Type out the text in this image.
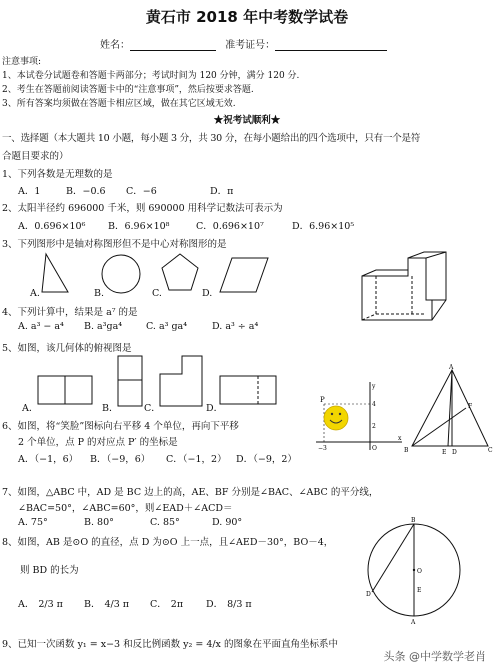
黄石市 2018 年中考数学试卷
姓名：	准考证号：
注意事项:
1、本试卷分试题卷和答题卡两部分；考试时间为 120 分钟，满分 120 分.
2、考生在答题前阅读答题卡中的“注意事项”，然后按要求答题.
3、所有答案均须做在答题卡相应区域，做在其它区域无效.
★祝考试顺利★
一、选择题（本大题共 10 小题，每小题 3 分，共 30 分，在每小题给出的四个选项中，只有一个是符
合题目要求的）
1、下列各数是无理数的是
A．1	B．−0.6 C．−6	D．π
2、太阳半径约 696000 千米，则 690000 用科学记数法可表示为
A．0.696×10⁶ B．6.96×10⁸	C．0.696×10⁷	D．6.96×10⁵
3、下列图形中是轴对称图形但不是中心对称图形的是
A.	B.	C.	D.
4、下列计算中，结果是 a⁷ 的是
A. a³ − a⁴ B. a³ga⁴	C. a³ ga⁴	D. a³ ÷ a⁴
5、如图，该几何体的俯视图是
A．	B．	C．	D．
6、如图，将“笑脸”图标向右平移 4 个单位，再向下平移
2 个单位，点 P 的对应点 P′ 的坐标是
A．（−1，6） B．（−9，6） C．（−1，2） D．（−9，2）
P
4
2
−3	O
x
y
A
B	C
D
E
F
7、如图，△ABC 中，AD 是 BC 边上的高，AE、BF 分别是∠BAC、∠ABC 的平分线，
∠BAC=50°，∠ABC=60°，则∠EAD＋∠ACD＝
A. 75°	B. 80°	C. 85°	D. 90°
8、如图，AB 是⊙O 的直径，点 D 为⊙O 上一点，且∠AED－30°，BO－4，
则 BD 的长为
A． 2/3 π B． 4/3 π C． 2π D． 8/3 π
B
O
D
E
A
9、已知一次函数 y₁ = x−3 和反比例函数 y₂ = 4/x 的图象在平面直角坐标系中
头条 @中学数学老肖
